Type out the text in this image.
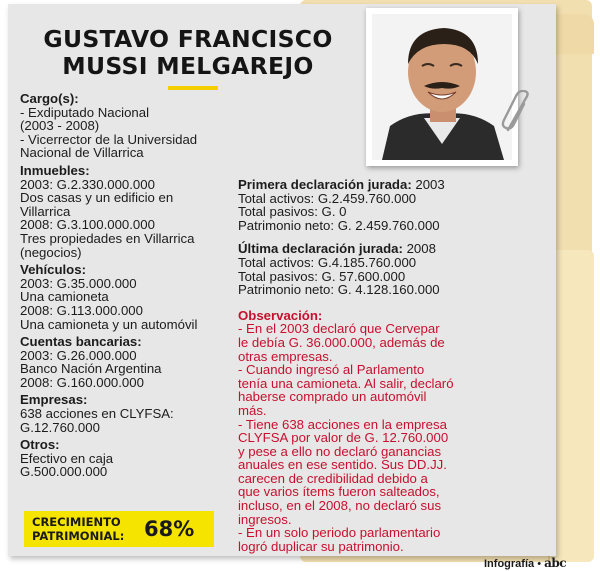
GUSTAVO FRANCISCO
MUSSI MELGAREJO
Cargo(s):
- Exdiputado Nacional
(2003 - 2008)
- Vicerrector de la Universidad
Nacional de Villarrica
Inmuebles:
2003: G.2.330.000.000
Dos casas y un edificio en
Villarrica
2008: G.3.100.000.000
Tres propiedades en Villarrica
(negocios)
Vehículos:
2003: G.35.000.000
Una camioneta
2008: G.113.000.000
Una camioneta y un automóvil
Cuentas bancarias:
2003: G.26.000.000
Banco Nación Argentina
2008: G.160.000.000
Empresas:
638 acciones en CLYFSA:
G.12.760.000
Otros:
Efectivo en caja
G.500.000.000
Primera declaración jurada: 2003
Total activos: G.2.459.760.000
Total pasivos: G. 0
Patrimonio neto: G. 2.459.760.000
Última declaración jurada: 2008
Total activos: G.4.185.760.000
Total pasivos: G. 57.600.000
Patrimonio neto: G. 4.128.160.000
Observación:
- En el 2003 declaró que Cervepar
le debía G. 36.000.000, además de
otras empresas.
- Cuando ingresó al Parlamento
tenía una camioneta. Al salir, declaró
haberse comprado un automóvil
más.
- Tiene 638 acciones en la empresa
CLYFSA por valor de G. 12.760.000
y pese a ello no declaró ganancias
anuales en ese sentido. Sus DD.JJ.
carecen de credibilidad debido a
que varios ítems fueron salteados,
incluso, en el 2008, no declaró sus
ingresos.
- En un solo periodo parlamentario
logró duplicar su patrimonio.
CRECIMIENTO
PATRIMONIAL: 68%
Infografía • abc
